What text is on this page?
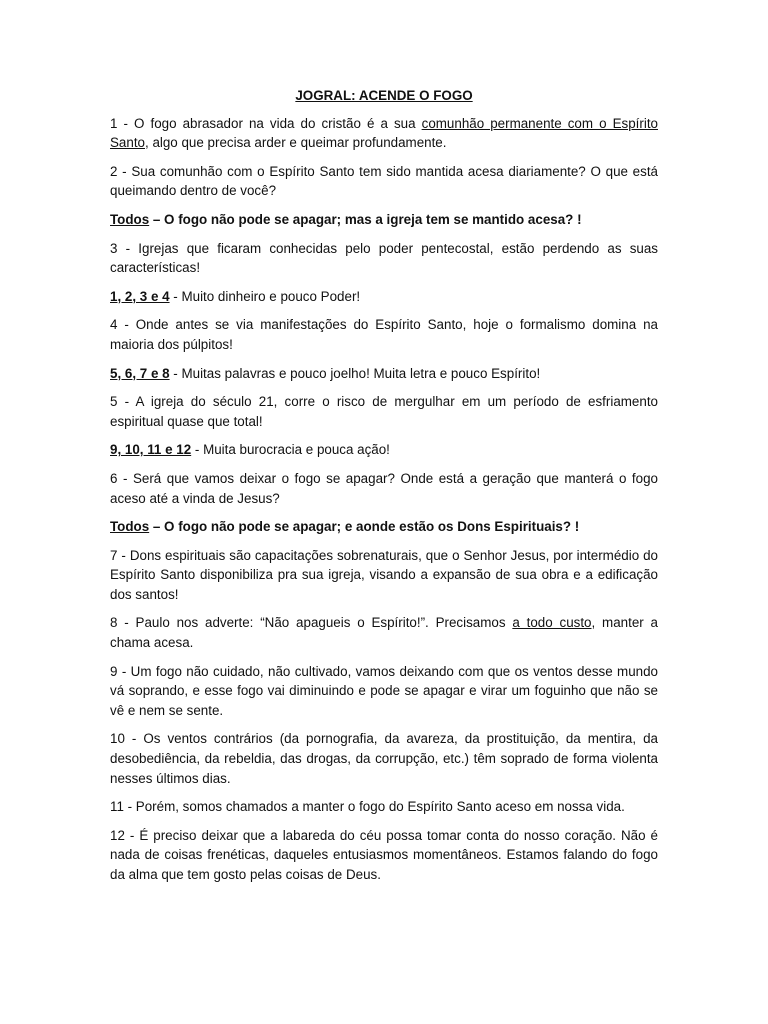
JOGRAL: ACENDE O FOGO

1 - O fogo abrasador na vida do cristão é a sua comunhão permanente com o Espírito Santo, algo que precisa arder e queimar profundamente.

2 - Sua comunhão com o Espírito Santo tem sido mantida acesa diariamente? O que está queimando dentro de você?

Todos – O fogo não pode se apagar; mas a igreja tem se mantido acesa? !

3 - Igrejas que ficaram conhecidas pelo poder pentecostal, estão perdendo as suas características!

1, 2, 3 e 4 - Muito dinheiro e pouco Poder!

4 - Onde antes se via manifestações do Espírito Santo, hoje o formalismo domina na maioria dos púlpitos!

5, 6, 7 e 8 - Muitas palavras e pouco joelho! Muita letra e pouco Espírito!

5 - A igreja do século 21, corre o risco de mergulhar em um período de esfriamento espiritual quase que total!

9, 10, 11 e 12 - Muita burocracia e pouca ação!

6 - Será que vamos deixar o fogo se apagar? Onde está a geração que manterá o fogo aceso até a vinda de Jesus?

Todos – O fogo não pode se apagar; e aonde estão os Dons Espirituais? !

7 - Dons espirituais são capacitações sobrenaturais, que o Senhor Jesus, por intermédio do Espírito Santo disponibiliza pra sua igreja, visando a expansão de sua obra e a edificação dos santos!

8 - Paulo nos adverte: “Não apagueis o Espírito!”. Precisamos a todo custo, manter a chama acesa.

9 - Um fogo não cuidado, não cultivado, vamos deixando com que os ventos desse mundo vá soprando, e esse fogo vai diminuindo e pode se apagar e virar um foguinho que não se vê e nem se sente.

10 - Os ventos contrários (da pornografia, da avareza, da prostituição, da mentira, da desobediência, da rebeldia, das drogas, da corrupção, etc.) têm soprado de forma violenta nesses últimos dias.

11 - Porém, somos chamados a manter o fogo do Espírito Santo aceso em nossa vida.

12 - É preciso deixar que a labareda do céu possa tomar conta do nosso coração. Não é nada de coisas frenéticas, daqueles entusiasmos momentâneos. Estamos falando do fogo da alma que tem gosto pelas coisas de Deus.
